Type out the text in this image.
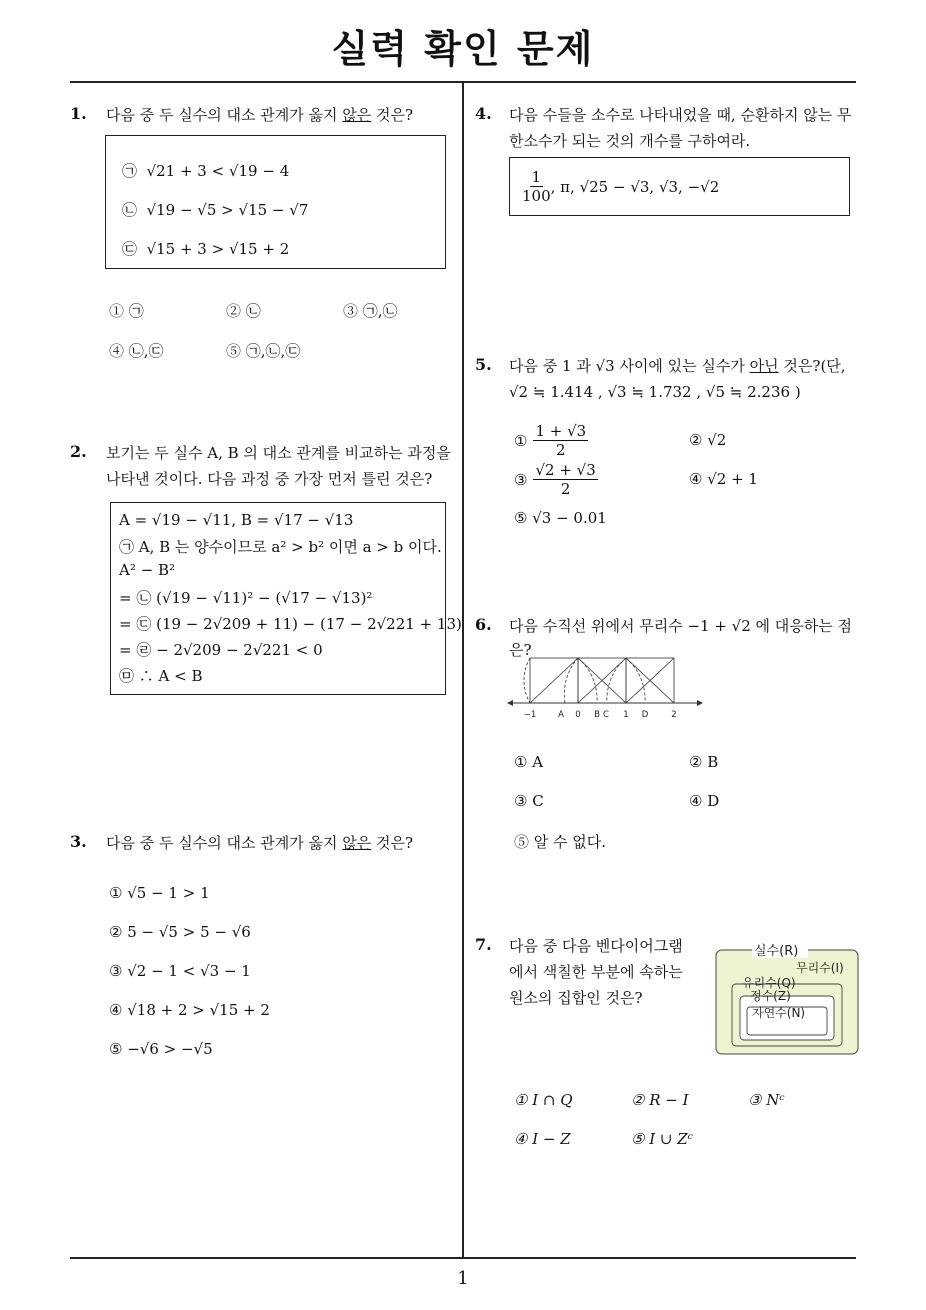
실력 확인 문제
1
1. 다음 중 두 실수의 대소 관계가 옳지 않은 것은?
㉠ √21 + 3 < √19 − 4
㉡ √19 − √5 > √15 − √7
㉢ √15 + 3 > √15 + 2
① ㉠	② ㉡	③ ㉠,㉡
④ ㉡,㉢	⑤ ㉠,㉡,㉢
2. 보기는 두 실수 A, B 의 대소 관계를 비교하는 과정을
나타낸 것이다. 다음 과정 중 가장 먼저 틀린 것은?
A = √19 − √11, B = √17 − √13
㉠ A, B 는 양수이므로 a² > b² 이면 a > b 이다.
A² − B²
= ㉡ (√19 − √11)² − (√17 − √13)²
= ㉢ (19 − 2√209 + 11) − (17 − 2√221 + 13)
= ㉣ − 2√209 − 2√221 < 0
㉤ ∴ A < B
3. 다음 중 두 실수의 대소 관계가 옳지 않은 것은?
① √5 − 1 > 1
② 5 − √5 > 5 − √6
③ √2 − 1 < √3 − 1
④ √18 + 2 > √15 + 2
⑤ −√6 > −√5
4. 다음 수들을 소수로 나타내었을 때, 순환하지 않는 무
한소수가 되는 것의 개수를 구하여라.
$\frac{1}{100}$ , π, √25 − √3, √3, −√2
5. 다음 중 1 과 √3 사이에 있는 실수가 아닌 것은?(단,
√2 ≒ 1.414 , √3 ≒ 1.732 , √5 ≒ 2.236 )
① $\frac{1 + √3}{2}$	② √2
③ $\frac{√2 + √3}{2}$	④ √2 + 1
⑤ √3 − 0.01
6. 다음 수직선 위에서 무리수 −1 + √2 에 대응하는 점
은?
−1	A 0 B C 1 D	2
① A	② B
③ C	④ D
⑤ 알 수 없다.
7. 다음 중 다음 벤다이어그램
에서 색칠한 부분에 속하는
원소의 집합인 것은?
실수(R)
무리수(I)
유리수(Q)
정수(Z)
자연수(N)
① I ∩ Q	② R − I	③ Nᶜ
④ I − Z	⑤ I ∪ Zᶜ
